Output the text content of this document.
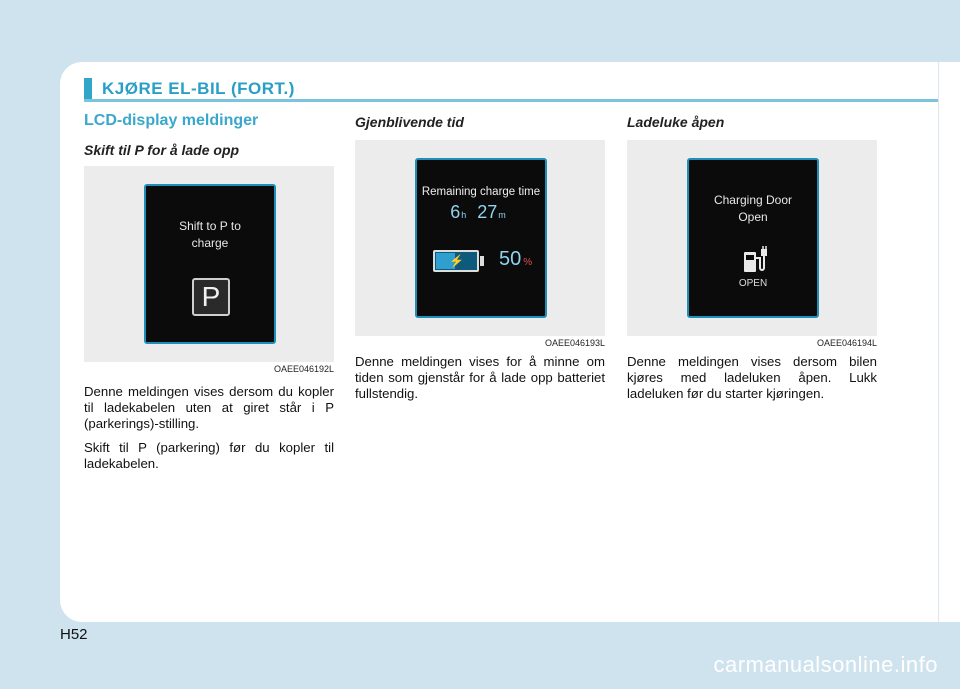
KJØRE EL-BIL (FORT.)
LCD-display meldinger
Skift til P for å lade opp
Shift to P to
charge
P
OAEE046192L

Denne meldingen vises dersom du kopler til ladekabelen uten at giret står i P (parkerings)-stilling.

Skift til P (parkering) før du kopler til ladekabelen.

Gjenblivende tid
Remaining charge time
6h 27m
⚡ 50 %
OAEE046193L

Denne meldingen vises for å minne om tiden som gjenstår for å lade opp batteriet fullstendig.

Ladeluke åpen
Charging Door
Open
OPEN
OAEE046194L

Denne meldingen vises dersom bilen kjøres med ladeluken åpen. Lukk ladeluken før du starter kjøringen.

H52
carmanualsonline.info
